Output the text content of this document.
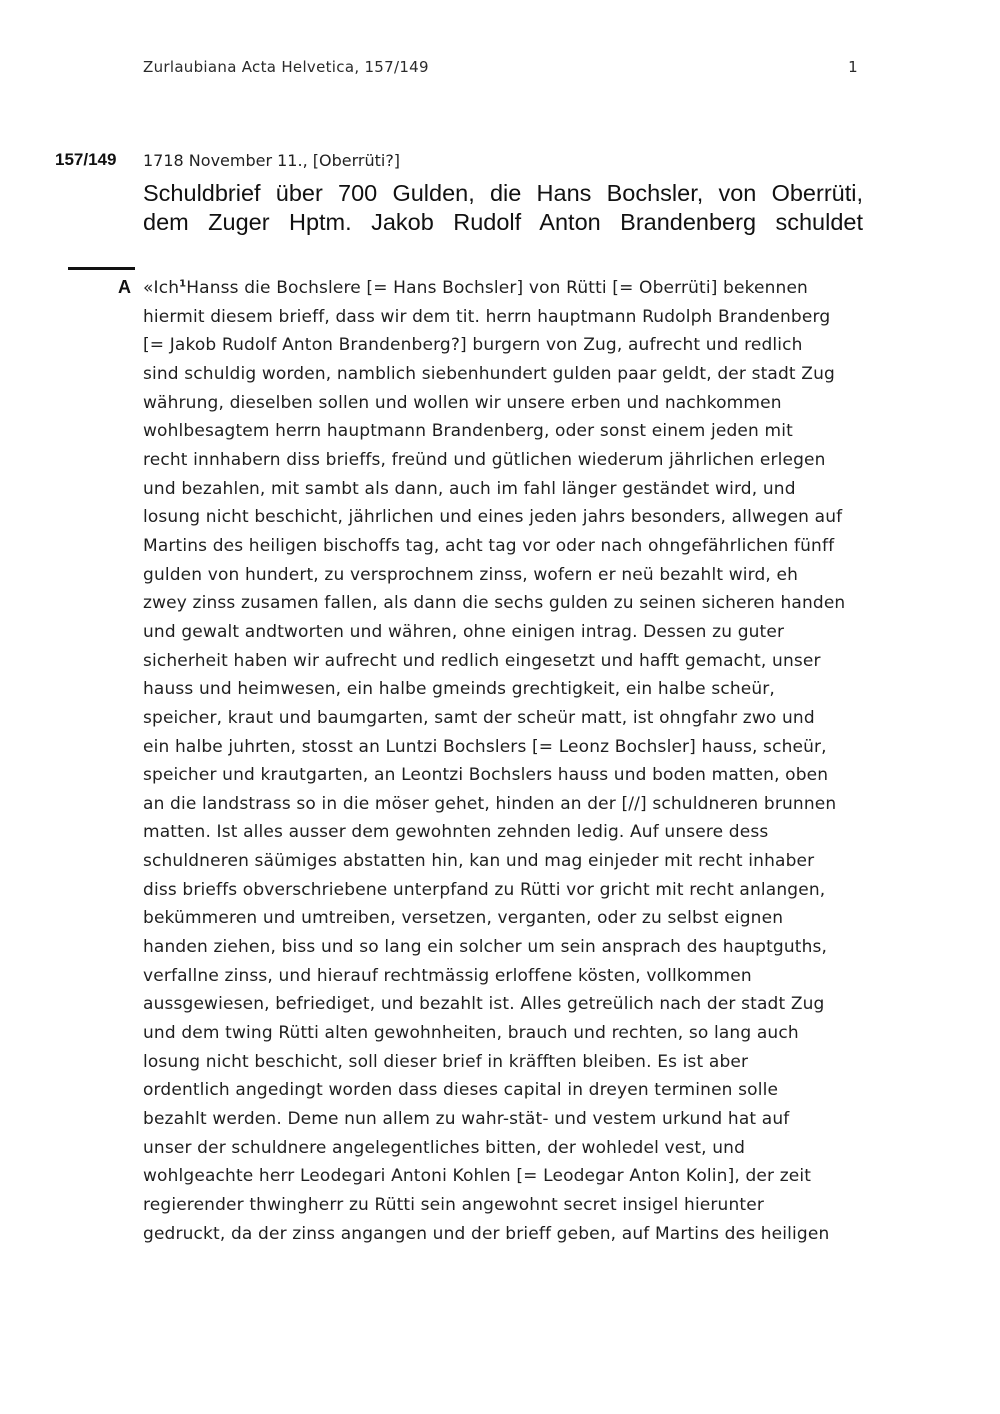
Zurlaubiana Acta Helvetica, 157/149	1
157/149 1718 November 11., [Oberrüti?]
Schuldbrief über 700 Gulden, die Hans Bochsler, von Oberrüti,
dem Zuger Hptm. Jakob Rudolf Anton Brandenberg schuldet
A «Ich$^1$Hanss die Bochslere [= Hans Bochsler] von Rütti [= Oberrüti] bekennen
hiermit diesem brieff, dass wir dem tit. herrn hauptmann Rudolph Brandenberg
[= Jakob Rudolf Anton Brandenberg?] burgern von Zug, aufrecht und redlich
sind schuldig worden, namblich siebenhundert gulden paar geldt, der stadt Zug
währung, dieselben sollen und wollen wir unsere erben und nachkommen
wohlbesagtem herrn hauptmann Brandenberg, oder sonst einem jeden mit
recht innhabern diss brieffs, freünd und gütlichen wiederum jährlichen erlegen
und bezahlen, mit sambt als dann, auch im fahl länger geständet wird, und
losung nicht beschicht, jährlichen und eines jeden jahrs besonders, allwegen auf
Martins des heiligen bischoffs tag, acht tag vor oder nach ohngefährlichen fünff
gulden von hundert, zu versprochnem zinss, wofern er neü bezahlt wird, eh
zwey zinss zusamen fallen, als dann die sechs gulden zu seinen sicheren handen
und gewalt andtworten und währen, ohne einigen intrag. Dessen zu guter
sicherheit haben wir aufrecht und redlich eingesetzt und hafft gemacht, unser
hauss und heimwesen, ein halbe gmeinds grechtigkeit, ein halbe scheür,
speicher, kraut und baumgarten, samt der scheür matt, ist ohngfahr zwo und
ein halbe juhrten, stosst an Luntzi Bochslers [= Leonz Bochsler] hauss, scheür,
speicher und krautgarten, an Leontzi Bochslers hauss und boden matten, oben
an die landstrass so in die möser gehet, hinden an der [//] schuldneren brunnen
matten. Ist alles ausser dem gewohnten zehnden ledig. Auf unsere dess
schuldneren säümiges abstatten hin, kan und mag einjeder mit recht inhaber
diss brieffs obverschriebene unterpfand zu Rütti vor gricht mit recht anlangen,
bekümmeren und umtreiben, versetzen, verganten, oder zu selbst eignen
handen ziehen, biss und so lang ein solcher um sein ansprach des hauptguths,
verfallne zinss, und hierauf rechtmässig erloffene kösten, vollkommen
aussgewiesen, befriediget, und bezahlt ist. Alles getreülich nach der stadt Zug
und dem twing Rütti alten gewohnheiten, brauch und rechten, so lang auch
losung nicht beschicht, soll dieser brief in kräfften bleiben. Es ist aber
ordentlich angedingt worden dass dieses capital in dreyen terminen solle
bezahlt werden. Deme nun allem zu wahr-stät- und vestem urkund hat auf
unser der schuldnere angelegentliches bitten, der wohledel vest, und
wohlgeachte herr Leodegari Antoni Kohlen [= Leodegar Anton Kolin], der zeit
regierender thwingherr zu Rütti sein angewohnt secret insigel hierunter
gedruckt, da der zinss angangen und der brieff geben, auf Martins des heiligen
